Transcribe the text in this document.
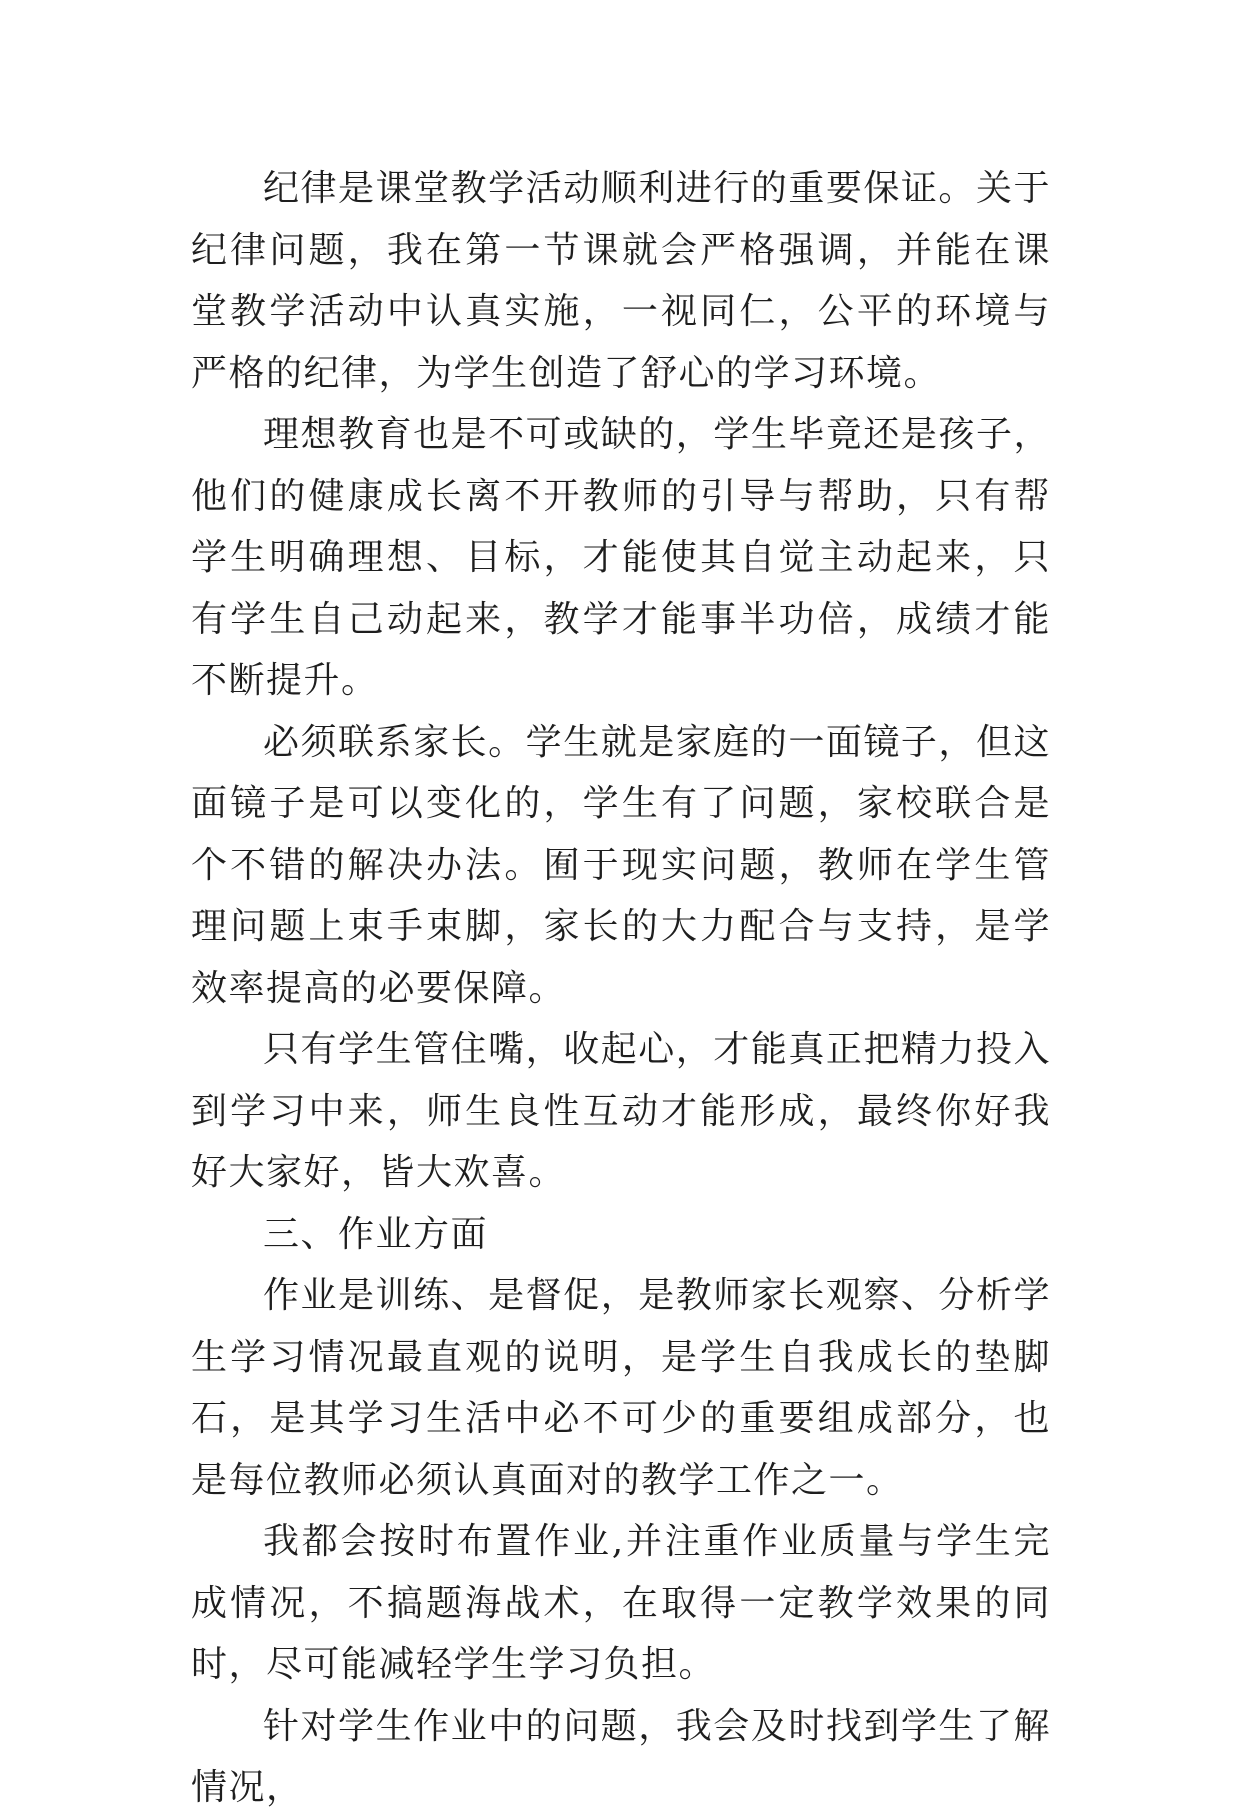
纪律是课堂教学活动顺利进行的重要保证。关于纪律问题，我在第一节课就会严格强调，并能在课堂教学活动中认真实施，一视同仁，公平的环境与严格的纪律，为学生创造了舒心的学习环境。

理想教育也是不可或缺的，学生毕竟还是孩子，他们的健康成长离不开教师的引导与帮助，只有帮学生明确理想、目标，才能使其自觉主动起来，只有学生自己动起来，教学才能事半功倍，成绩才能不断提升。

必须联系家长。学生就是家庭的一面镜子，但这面镜子是可以变化的，学生有了问题，家校联合是个不错的解决办法。囿于现实问题，教师在学生管理问题上束手束脚，家长的大力配合与支持，是学效率提高的必要保障。

只有学生管住嘴，收起心，才能真正把精力投入到学习中来，师生良性互动才能形成，最终你好我好大家好，皆大欢喜。

三、作业方面

作业是训练、是督促，是教师家长观察、分析学生学习情况最直观的说明，是学生自我成长的垫脚石，是其学习生活中必不可少的重要组成部分，也是每位教师必须认真面对的教学工作之一。

我都会按时布置作业,并注重作业质量与学生完成情况，不搞题海战术，在取得一定教学效果的同时，尽可能减轻学生学习负担。

针对学生作业中的问题，我会及时找到学生了解情况，
